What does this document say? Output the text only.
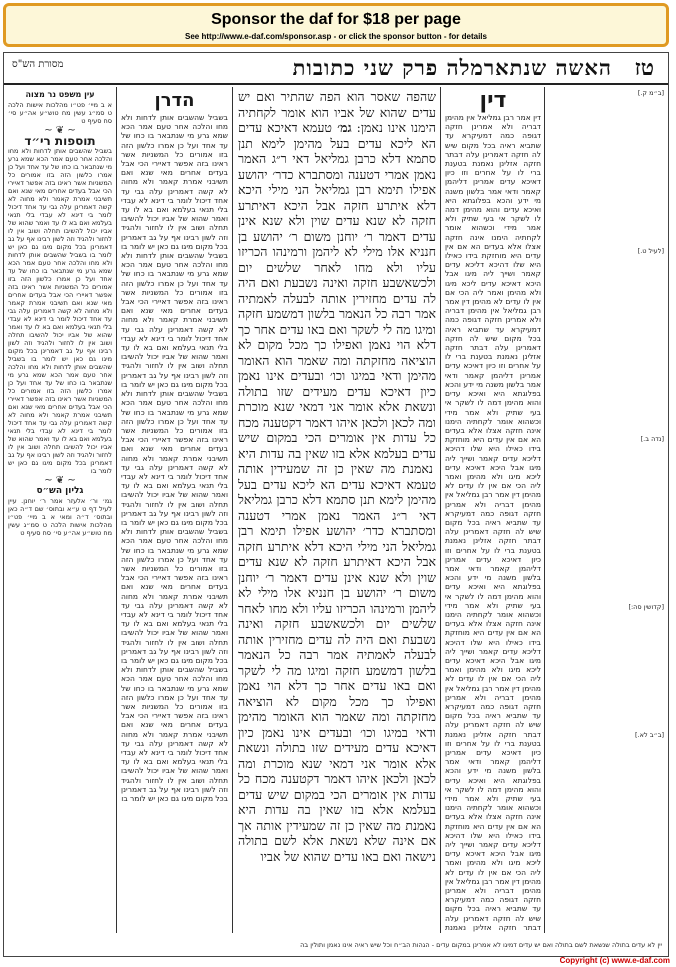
Sponsor the daf for $18 per page
See http://www.e-daf.com/sponsor.asp - or click the sponsor button - for details
טז
האשה שנתארמלה פרק שני כתובות
מסורת הש"ס
[ב״מ ק.]
[לעיל ט.]
[נדה ב.]
[קדושין סה:]
[ב״ב לא.]
דין
דין אמר רבן גמליאל אין מהימן דבריה ולא אמרינן חזקה דגופה כמה דמעיקרא עד שתביא ראיה בכל מקום שיש לה חזקה דאמרינן עלה דבתר חזקה אזלינן נאמנת בטענת ברי לו על אחרים וזו כיון דאיכא עדים אמרינן דליהמן קאמר ודאי אמר בלשון משנה מי ידע והכא בפלוגתא היא ואיכא עדים והוא מהימן דמה לו לשקר אי בעי שתיק ולא אמר מידי וכשהוא אומר לקחתיה הימנו אינה חזקה אצלו אלא בעדים הא אם אין עדים היא מוחזקת בידו כאילו היא שלו דהיכא דליכא עדים קאמר ושייך ליה מיגו אבל היכא דאיכא עדים ליכא מיגו ולא מהימן ואמר ליה הכי אם אין לו עדים לא מהימן דין אמר רבן גמליאל אין מהימן דבריה ולא אמרינן חזקה דגופה כמה דמעיקרא עד שתביא ראיה בכל מקום שיש לה חזקה דאמרינן עלה דבתר חזקה אזלינן נאמנת בטענת ברי לו על אחרים וזו כיון דאיכא עדים אמרינן דליהמן קאמר ודאי אמר בלשון משנה מי ידע והכא בפלוגתא היא ואיכא עדים והוא מהימן דמה לו לשקר אי בעי שתיק ולא אמר מידי וכשהוא אומר לקחתיה הימנו אינה חזקה אצלו אלא בעדים הא אם אין עדים היא מוחזקת בידו כאילו היא שלו דהיכא דליכא עדים קאמר ושייך ליה מיגו אבל היכא דאיכא עדים ליכא מיגו ולא מהימן ואמר ליה הכי אם אין לו עדים לא מהימן דין אמר רבן גמליאל אין מהימן דבריה ולא אמרינן חזקה דגופה כמה דמעיקרא עד שתביא ראיה בכל מקום שיש לה חזקה דאמרינן עלה דבתר חזקה אזלינן נאמנת בטענת ברי לו על אחרים וזו כיון דאיכא עדים אמרינן דליהמן קאמר ודאי אמר בלשון משנה מי ידע והכא בפלוגתא היא ואיכא עדים והוא מהימן דמה לו לשקר אי בעי שתיק ולא אמר מידי וכשהוא אומר לקחתיה הימנו אינה חזקה אצלו אלא בעדים הא אם אין עדים היא מוחזקת בידו כאילו היא שלו דהיכא דליכא עדים קאמר ושייך ליה מיגו אבל היכא דאיכא עדים ליכא מיגו ולא מהימן ואמר ליה הכי אם אין לו עדים לא מהימן דין אמר רבן גמליאל אין מהימן דבריה ולא אמרינן חזקה דגופה כמה דמעיקרא עד שתביא ראיה בכל מקום שיש לה חזקה דאמרינן עלה דבתר חזקה אזלינן נאמנת בטענת ברי לו על אחרים וזו כיון דאיכא עדים אמרינן דליהמן קאמר ודאי אמר בלשון משנה מי ידע והכא בפלוגתא היא ואיכא עדים והוא מהימן דמה לו לשקר אי בעי שתיק ולא אמר מידי וכשהוא אומר לקחתיה הימנו אינה חזקה אצלו אלא בעדים הא אם אין עדים היא מוחזקת בידו כאילו היא שלו דהיכא דליכא עדים קאמר ושייך ליה מיגו אבל היכא דאיכא עדים ליכא מיגו ולא מהימן ואמר ליה הכי אם אין לו עדים לא מהימן דין אמר רבן גמליאל אין מהימן דבריה ולא אמרינן חזקה דגופה כמה דמעיקרא עד שתביא ראיה בכל מקום שיש לה חזקה דאמרינן עלה דבתר חזקה אזלינן נאמנת
שהפה שאסר הוא הפה שהתיר ואם יש עדים שהוא של אביו הוא אומר לקחתיה הימנו אינו נאמן: גמ׳ טעמא דאיכא עדים הא ליכא עדים בעל מהימן לימא תנן סתמא דלא כרבן גמליאל דאי ר״ג האמר נאמן אמרי דטענה ומסתברא כדר׳ יהושע אפילו תימא רבן גמליאל הני מילי היכא דלא איתרע חזקה אבל היכא דאיתרע חזקה לא שנא עדים שוין ולא שנא אינן עדים דאמר ר׳ יוחנן משום ר׳ יהושע בן חנניא אלו מילי לא ליהמן ורמינהו הכריזו עליו ולא מחו לאחר שלשים יום ולכשאשבע חזקה ואינה נשבעת ואם היה לה עדים מחזירין אותה לבעלה לאמתיה אמר רבה כל הנאמר בלשון דמשמע חזקה ומיגו מה לי לשקר ואם באו עדים אחר כך דלא הוי נאמן ואפילו כך מכל מקום לא הוציאה מחזקתה ומה שאמר הוא האומר מהימן ודאי במיגו וכו׳ ובעדים אינו נאמן כיון דאיכא עדים מעידים שזו בתולה ונשאת אלא אומר אני דמאי שנא מוכרת ומה לכאן ולכאן איהו דאמר דקטענה מכח כל עדות אין אומרים הכי במקום שיש עדים בעלמא אלא בזו שאין בה עדות היא נאמנת מה שאין כן זה שמעידין אותה טעמא דאיכא עדים הא ליכא עדים בעל מהימן לימא תנן סתמא דלא כרבן גמליאל דאי ר״ג האמר נאמן אמרי דטענה ומסתברא כדר׳ יהושע אפילו תימא רבן גמליאל הני מילי היכא דלא איתרע חזקה אבל היכא דאיתרע חזקה לא שנא עדים שוין ולא שנא אינן עדים דאמר ר׳ יוחנן משום ר׳ יהושע בן חנניא אלו מילי לא ליהמן ורמינהו הכריזו עליו ולא מחו לאחר שלשים יום ולכשאשבע חזקה ואינה נשבעת ואם היה לה עדים מחזירין אותה לבעלה לאמתיה אמר רבה כל הנאמר בלשון דמשמע חזקה ומיגו מה לי לשקר ואם באו עדים אחר כך דלא הוי נאמן ואפילו כך מכל מקום לא הוציאה מחזקתה ומה שאמר הוא האומר מהימן ודאי במיגו וכו׳ ובעדים אינו נאמן כיון דאיכא עדים מעידים שזו בתולה ונשאת אלא אומר אני דמאי שנא מוכרת ומה לכאן ולכאן איהו דאמר דקטענה מכח כל עדות אין אומרים הכי במקום שיש עדים בעלמא אלא בזו שאין בה עדות היא נאמנת מה שאין כן זה שמעידין אותה אך אם אינה שלא נשאת אלא לשם בתולה נישאה ואם באו עדים שהוא של אביו
הדרן
בשביל שהשבים אותן לדחות ולא מחו והלכה אחר טעם אמר הכא שמא גרע מי שנתבאר בו כחו של עד אחד ועל כן אמרו כלשון הזה בזו אמורים כל המשניות אשר ראינו בזה אפשר דאיירי הכי אבל בעדים אחרים מאי שנא ואם תשיבני אמרת קאמר ולא מחוה לא קשה דאמרינן עלה גבי עד אחד דיכול לומר בי דינא לא עבדי בלי תנאי בעלמא ואם בא לו עד ואמר שהוא של אביו יכול להשיבו תחלה ושוב אין לו לחזור ולהגיד וזה לשון רבינו אף על גב דאמרינן בכל מקום מיגו גם כאן יש לומר בו בשביל שהשבים אותן לדחות ולא מחו והלכה אחר טעם אמר הכא שמא גרע מי שנתבאר בו כחו של עד אחד ועל כן אמרו כלשון הזה בזו אמורים כל המשניות אשר ראינו בזה אפשר דאיירי הכי אבל בעדים אחרים מאי שנא ואם תשיבני אמרת קאמר ולא מחוה לא קשה דאמרינן עלה גבי עד אחד דיכול לומר בי דינא לא עבדי בלי תנאי בעלמא ואם בא לו עד ואמר שהוא של אביו יכול להשיבו תחלה ושוב אין לו לחזור ולהגיד וזה לשון רבינו אף על גב דאמרינן בכל מקום מיגו גם כאן יש לומר בו בשביל שהשבים אותן לדחות ולא מחו והלכה אחר טעם אמר הכא שמא גרע מי שנתבאר בו כחו של עד אחד ועל כן אמרו כלשון הזה בזו אמורים כל המשניות אשר ראינו בזה אפשר דאיירי הכי אבל בעדים אחרים מאי שנא ואם תשיבני אמרת קאמר ולא מחוה לא קשה דאמרינן עלה גבי עד אחד דיכול לומר בי דינא לא עבדי בלי תנאי בעלמא ואם בא לו עד ואמר שהוא של אביו יכול להשיבו תחלה ושוב אין לו לחזור ולהגיד וזה לשון רבינו אף על גב דאמרינן בכל מקום מיגו גם כאן יש לומר בו בשביל שהשבים אותן לדחות ולא מחו והלכה אחר טעם אמר הכא שמא גרע מי שנתבאר בו כחו של עד אחד ועל כן אמרו כלשון הזה בזו אמורים כל המשניות אשר ראינו בזה אפשר דאיירי הכי אבל בעדים אחרים מאי שנא ואם תשיבני אמרת קאמר ולא מחוה לא קשה דאמרינן עלה גבי עד אחד דיכול לומר בי דינא לא עבדי בלי תנאי בעלמא ואם בא לו עד ואמר שהוא של אביו יכול להשיבו תחלה ושוב אין לו לחזור ולהגיד וזה לשון רבינו אף על גב דאמרינן בכל מקום מיגו גם כאן יש לומר בו בשביל שהשבים אותן לדחות ולא מחו והלכה אחר טעם אמר הכא שמא גרע מי שנתבאר בו כחו של עד אחד ועל כן אמרו כלשון הזה בזו אמורים כל המשניות אשר ראינו בזה אפשר דאיירי הכי אבל בעדים אחרים מאי שנא ואם תשיבני אמרת קאמר ולא מחוה לא קשה דאמרינן עלה גבי עד אחד דיכול לומר בי דינא לא עבדי בלי תנאי בעלמא ואם בא לו עד ואמר שהוא של אביו יכול להשיבו תחלה ושוב אין לו לחזור ולהגיד וזה לשון רבינו אף על גב דאמרינן בכל מקום מיגו גם כאן יש לומר בו
עין משפט נר מצוה
א ב מיי׳ פט״ו מהלכות אישות הלכה ט סמ״ג עשין מח טוש״ע אה״ע סי׳ סח סעיף ט
~ ❦ ~
תוספות רי״ד
בשביל שהשבים אותן לדחות ולא מחו והלכה אחר טעם אמר הכא שמא גרע מי שנתבאר בו כחו של עד אחד ועל כן אמרו כלשון הזה בזו אמורים כל המשניות אשר ראינו בזה אפשר דאיירי הכי אבל בעדים אחרים מאי שנא ואם תשיבני אמרת קאמר ולא מחוה לא קשה דאמרינן עלה גבי עד אחד דיכול לומר בי דינא לא עבדי בלי תנאי בעלמא ואם בא לו עד ואמר שהוא של אביו יכול להשיבו תחלה ושוב אין לו לחזור ולהגיד וזה לשון רבינו אף על גב דאמרינן בכל מקום מיגו גם כאן יש לומר בו בשביל שהשבים אותן לדחות ולא מחו והלכה אחר טעם אמר הכא שמא גרע מי שנתבאר בו כחו של עד אחד ועל כן אמרו כלשון הזה בזו אמורים כל המשניות אשר ראינו בזה אפשר דאיירי הכי אבל בעדים אחרים מאי שנא ואם תשיבני אמרת קאמר ולא מחוה לא קשה דאמרינן עלה גבי עד אחד דיכול לומר בי דינא לא עבדי בלי תנאי בעלמא ואם בא לו עד ואמר שהוא של אביו יכול להשיבו תחלה ושוב אין לו לחזור ולהגיד וזה לשון רבינו אף על גב דאמרינן בכל מקום מיגו גם כאן יש לומר בו בשביל שהשבים אותן לדחות ולא מחו והלכה אחר טעם אמר הכא שמא גרע מי שנתבאר בו כחו של עד אחד ועל כן אמרו כלשון הזה בזו אמורים כל המשניות אשר ראינו בזה אפשר דאיירי הכי אבל בעדים אחרים מאי שנא ואם תשיבני אמרת קאמר ולא מחוה לא קשה דאמרינן עלה גבי עד אחד דיכול לומר בי דינא לא עבדי בלי תנאי בעלמא ואם בא לו עד ואמר שהוא של אביו יכול להשיבו תחלה ושוב אין לו לחזור ולהגיד וזה לשון רבינו אף על גב דאמרינן בכל מקום מיגו גם כאן יש לומר בו
~ ❦ ~
גליון הש״ס
גמ׳ ור׳ אלעזר אמר ר׳ יוחנן. עיין לעיל דף ט ע״א ובתוס׳ שם ד״ה כאן ובתוס׳ ד״ה ומאי א ב מיי׳ פט״ו מהלכות אישות הלכה ט סמ״ג עשין מח טוש״ע אה״ע סי׳ סח סעיף ט
יין לא עדים בתולה שנשאת לשם בתולה ואם יש עדים דמיגו לא אמרינן במקום עדים - הגהות הב״ח וכל שיש ראיה אינו נאמן ותולין בה
Copyright (c) www.e-daf.com
